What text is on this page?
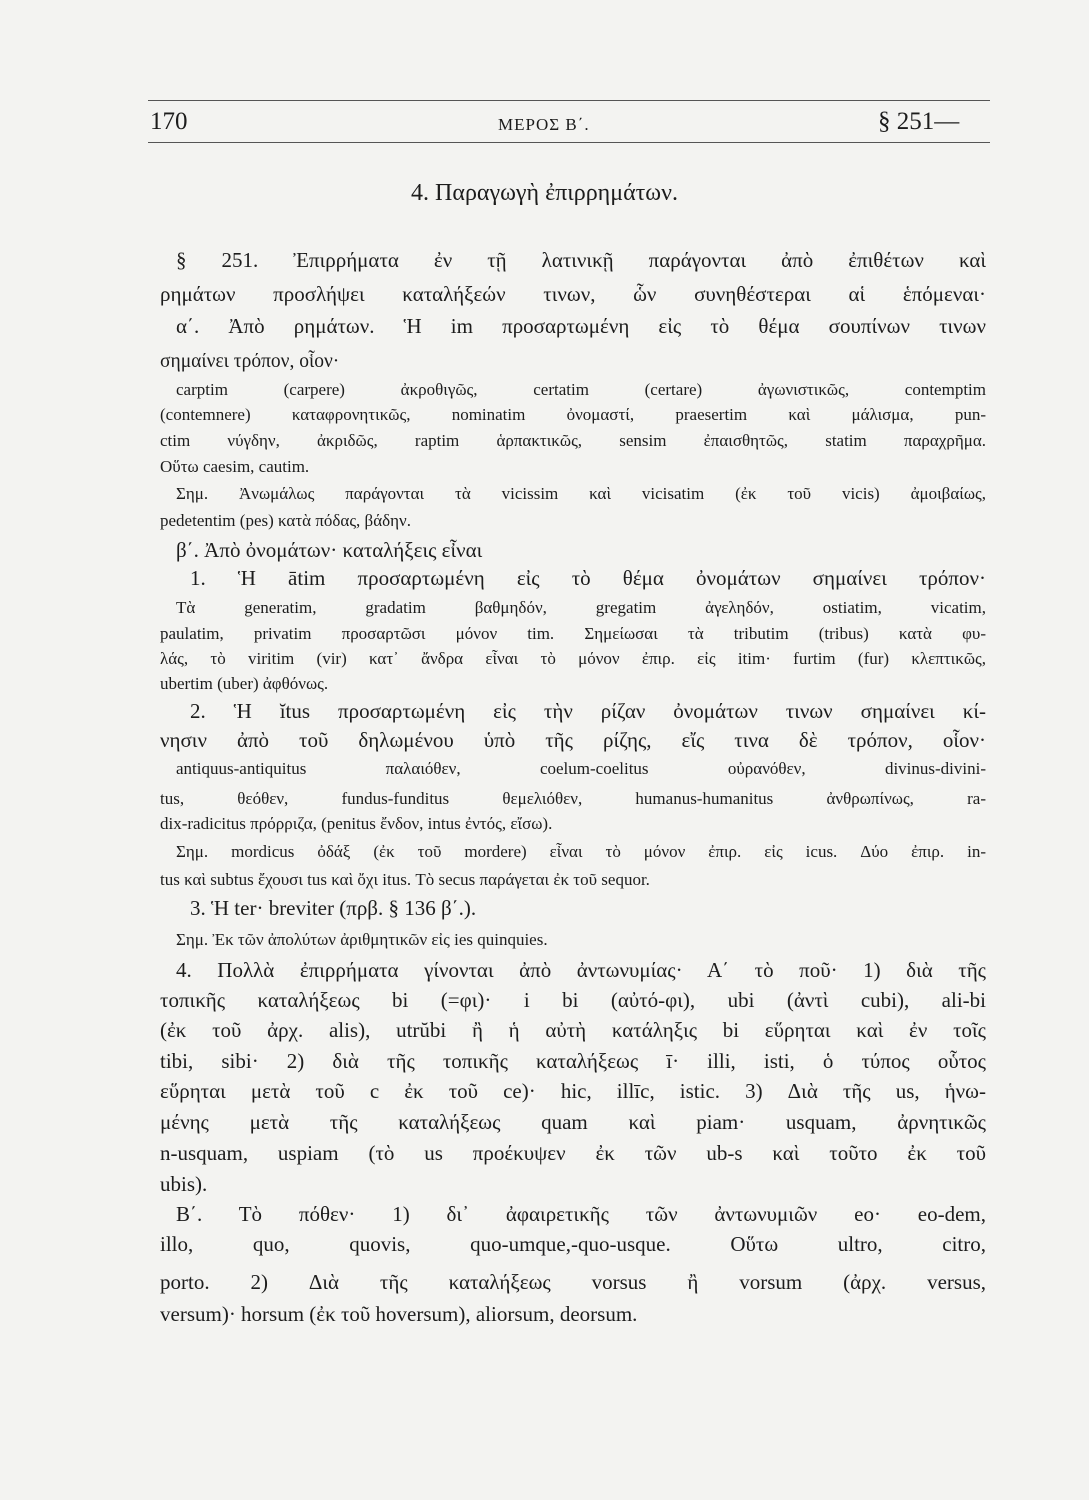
170	ΜΕΡΟΣ Β΄.	§ 251—
4. Παραγωγὴ ἐπιρρημάτων.
§ 251. Ἐπιρρήματα ἐν τῇ λατινικῇ παράγονται ἀπὸ ἐπιθέτων καὶ
ρημάτων προσλήψει καταλήξεών τινων, ὧν συνηθέστεραι αἱ ἑπόμεναι·
α΄. Ἀπὸ ρημάτων. Ἡ im προσαρτωμένη εἰς τὸ θέμα σουπίνων τινων
σημαίνει τρόπον, οἷον·
carptim (carpere) ἀκροθιγῶς, certatim (certare) ἀγωνιστικῶς, contemptim
(contemnere) καταφρονητικῶς, nominatim ὀνομαστί, praesertim καὶ μάλισμα, pun-
ctim νύγδην, ἀκριδῶς, raptim ἁρπακτικῶς, sensim ἐπαισθητῶς, statim παραχρῆμα.
Οὕτω caesim, cautim.
Σημ. Ἀνωμάλως παράγονται τὰ vicissim καὶ vicisatim (ἐκ τοῦ vicis) ἀμοιβαίως,
pedetentim (pes) κατὰ πόδας, βάδην.
β΄. Ἀπὸ ὀνομάτων· καταλήξεις εἶναι
1. Ἡ ātim προσαρτωμένη εἰς τὸ θέμα ὀνομάτων σημαίνει τρόπον·
Τὰ generatim, gradatim βαθμηδόν, gregatim ἀγεληδόν, ostiatim, vicatim,
paulatim, privatim προσαρτῶσι μόνον tim. Σημείωσαι τὰ tributim (tribus) κατὰ φυ-
λάς, τὸ viritim (vir) κατ᾽ ἄνδρα εἶναι τὸ μόνον ἐπιρ. εἰς itim· furtim (fur) κλεπτικῶς,
ubertim (uber) ἀφθόνως.
2. Ἡ ĭtus προσαρτωμένη εἰς τὴν ρίζαν ὀνομάτων τινων σημαίνει κί-
νησιν ἀπὸ τοῦ δηλωμένου ὑπὸ τῆς ρίζης, εἴς τινα δὲ τρόπον, οἷον·
antiquus-antiquitus παλαιόθεν, coelum-coelitus οὐρανόθεν, divinus-divini-
tus, θεόθεν, fundus-funditus θεμελιόθεν, humanus-humanitus ἀνθρωπίνως, ra-
dix-radicitus πρόρριζα, (penitus ἔνδον, intus ἐντός, εἴσω).
Σημ. mordicus ὀδάξ (ἐκ τοῦ mordere) εἶναι τὸ μόνον ἐπιρ. εἰς icus. Δύο ἐπιρ. in-
tus καὶ subtus ἔχουσι tus καὶ ὄχι itus. Τὸ secus παράγεται ἐκ τοῦ sequor.
3. Ἡ ter· breviter (πρβ. § 136 β΄.).
Σημ. Ἐκ τῶν ἀπολύτων ἀριθμητικῶν εἰς ies quinquies.
4. Πολλὰ ἐπιρρήματα γίνονται ἀπὸ ἀντωνυμίας· Α΄ τὸ ποῦ· 1) διὰ τῆς
τοπικῆς καταλήξεως bi (=φι)· i bi (αὐτό-φι), ubi (ἀντὶ cubi), ali-bi
(ἐκ τοῦ ἀρχ. alis), utrŭbi ἢ ἡ αὐτὴ κατάληξις bi εὕρηται καὶ ἐν τοῖς
tibi, sibi· 2) διὰ τῆς τοπικῆς καταλήξεως ī· illi, isti, ὁ τύπος οὗτος
εὕρηται μετὰ τοῦ c ἐκ τοῦ ce)· hic, illīc, istic. 3) Διὰ τῆς us, ἡνω-
μένης μετὰ τῆς καταλήξεως quam καὶ piam· usquam, ἀρνητικῶς
n-usquam, uspiam (τὸ us προέκυψεν ἐκ τῶν ub-s καὶ τοῦτο ἐκ τοῦ
ubis).
Β΄. Τὸ πόθεν· 1) δι᾽ ἀφαιρετικῆς τῶν ἀντωνυμιῶν eo· eo-dem,
illo, quo, quovis, quo-umque,-quo-usque. Οὕτω ultro, citro,
porto. 2) Διὰ τῆς καταλήξεως vorsus ἢ vorsum (ἀρχ. versus,
versum)· horsum (ἐκ τοῦ hoversum), aliorsum, deorsum.
